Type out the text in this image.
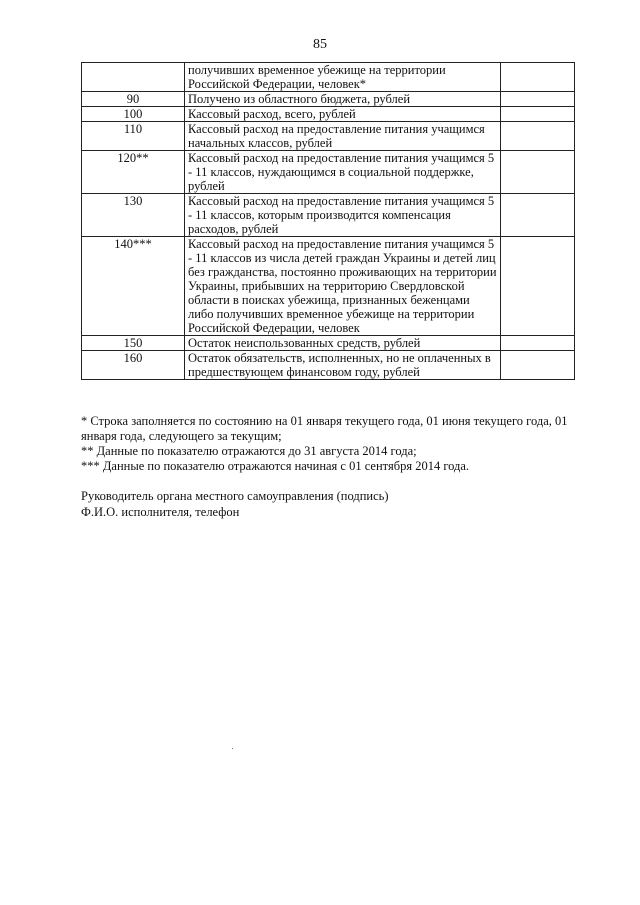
85
	получивших временное убежище на территории Российской Федерации, человек*	
90	Получено из областного бюджета, рублей	
100	Кассовый расход, всего, рублей	
110	Кассовый расход на предоставление питания учащимся начальных классов, рублей	
120**	Кассовый расход на предоставление питания учащимся 5 - 11 классов, нуждающимся в социальной поддержке, рублей	
130	Кассовый расход на предоставление питания учащимся 5 - 11 классов, которым производится компенсация расходов, рублей	
140***	Кассовый расход на предоставление питания учащимся 5 - 11 классов из числа детей граждан Украины и детей лиц без гражданства, постоянно проживающих на территории Украины, прибывших на территорию Свердловской области в поисках убежища, признанных беженцами либо получивших временное убежище на территории Российской Федерации, человек	
150	Остаток неиспользованных средств, рублей	
160	Остаток обязательств, исполненных, но не оплаченных в предшествующем финансовом году, рублей	

* Строка заполняется по состоянию на 01 января текущего года, 01 июня текущего года, 01 января года, следующего за текущим;

** Данные по показателю отражаются до 31 августа 2014 года;

*** Данные по показателю отражаются начиная с 01 сентября 2014 года.

Руководитель органа местного самоуправления (подпись)

Ф.И.О. исполнителя, телефон
